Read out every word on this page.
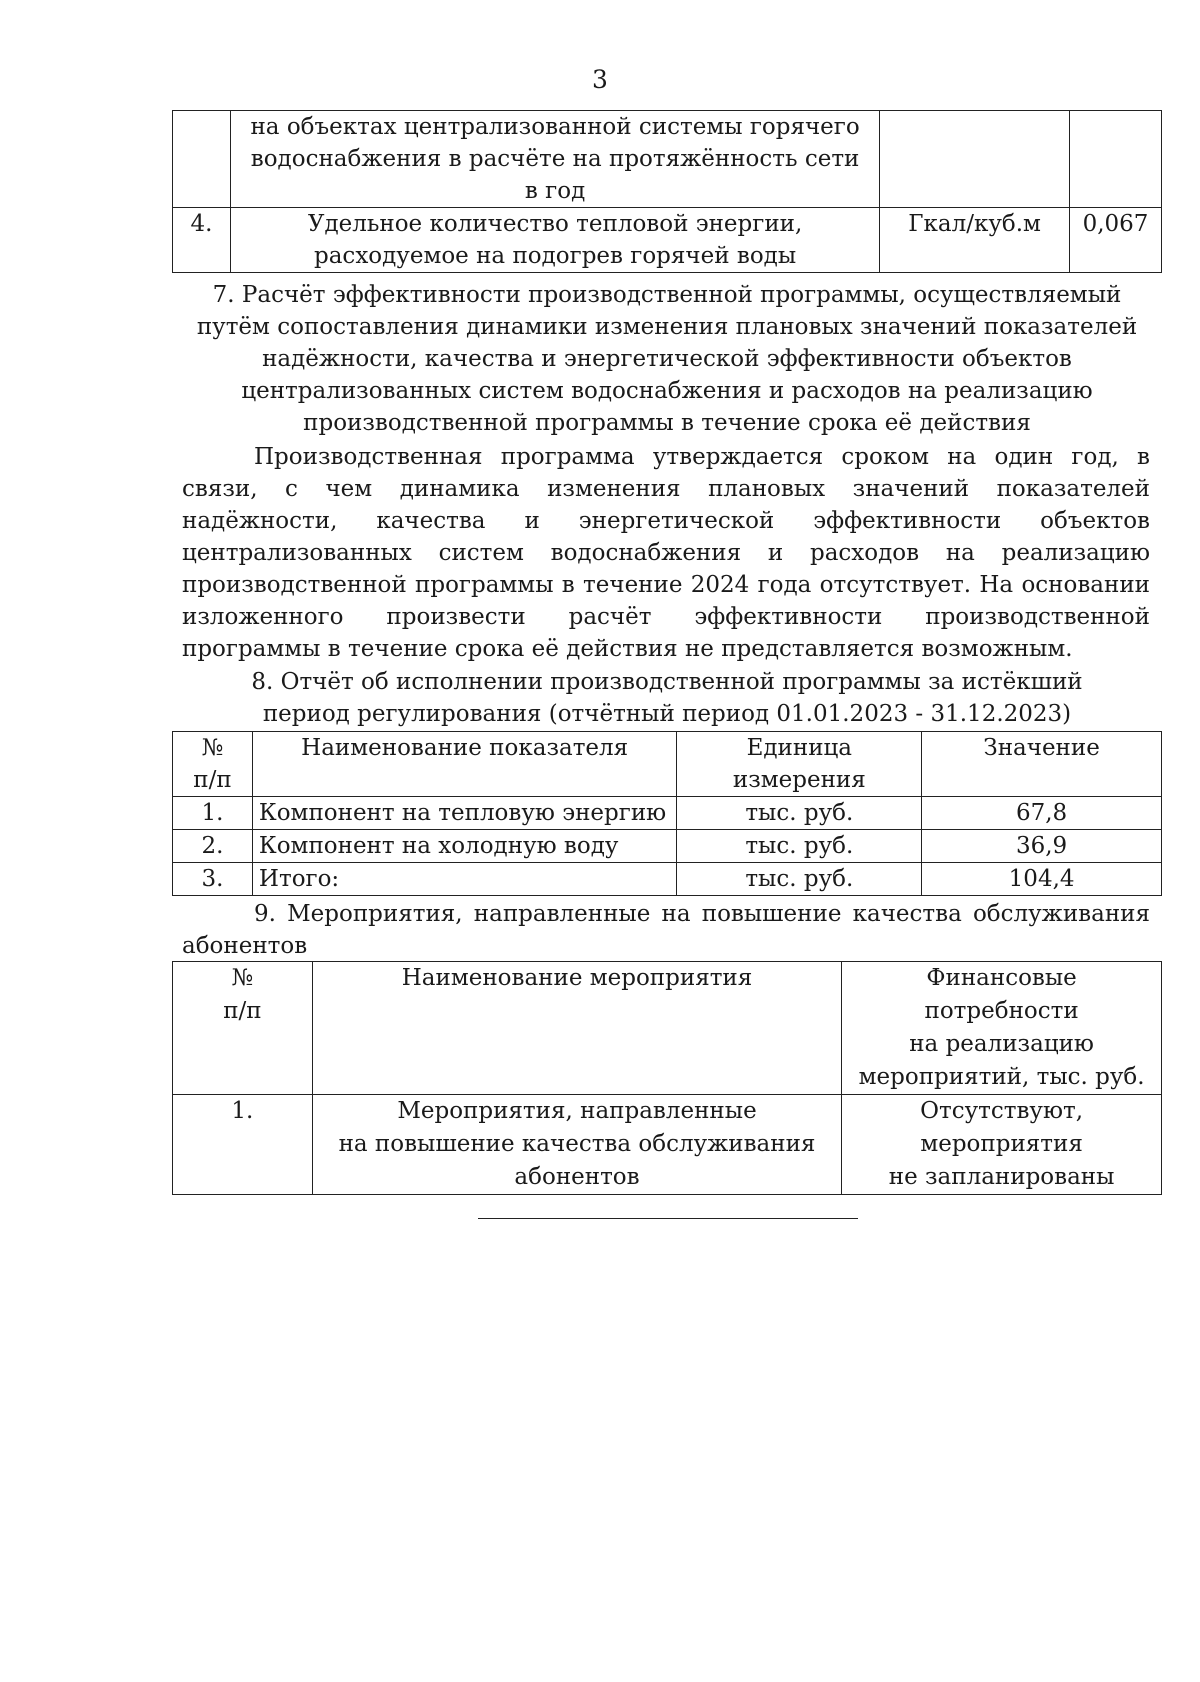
3

	на объектах централизованной системы горячего
водоснабжения в расчёте на протяжённость сети
в год		

4.	Удельное количество тепловой энергии,
расходуемое на подогрев горячей воды	Гкал/куб.м	0,067
7. Расчёт эффективности производственной программы, осуществляемый
путём сопоставления динамики изменения плановых значений показателей
надёжности, качества и энергетической эффективности объектов
централизованных систем водоснабжения и расходов на реализацию
производственной программы в течение срока её действия
Производственная программа утверждается сроком на один год, в связи, с чем динамика изменения плановых значений показателей надёжности, качества и энергетической эффективности объектов централизованных систем водоснабжения и расходов на реализацию производственной программы в течение 2024 года отсутствует. На основании изложенного произвести расчёт эффективности производственной программы в течение срока её действия не представляется возможным.
8. Отчёт об исполнении производственной программы за истёкший
период регулирования (отчётный период 01.01.2023 - 31.12.2023)
№
п/п	Наименование показателя	Единица
измерения	Значение
1.	Компонент на тепловую энергию	тыс. руб.	67,8
2.	Компонент на холодную воду	тыс. руб.	36,9
3.	Итого:	тыс. руб.	104,4
9. Мероприятия, направленные на повышение качества обслуживания абонентов
№
п/п	Наименование мероприятия	Финансовые
потребности
на реализацию
мероприятий, тыс. руб.
1.	Мероприятия, направленные
на повышение качества обслуживания
абонентов	Отсутствуют,
мероприятия
не запланированы
